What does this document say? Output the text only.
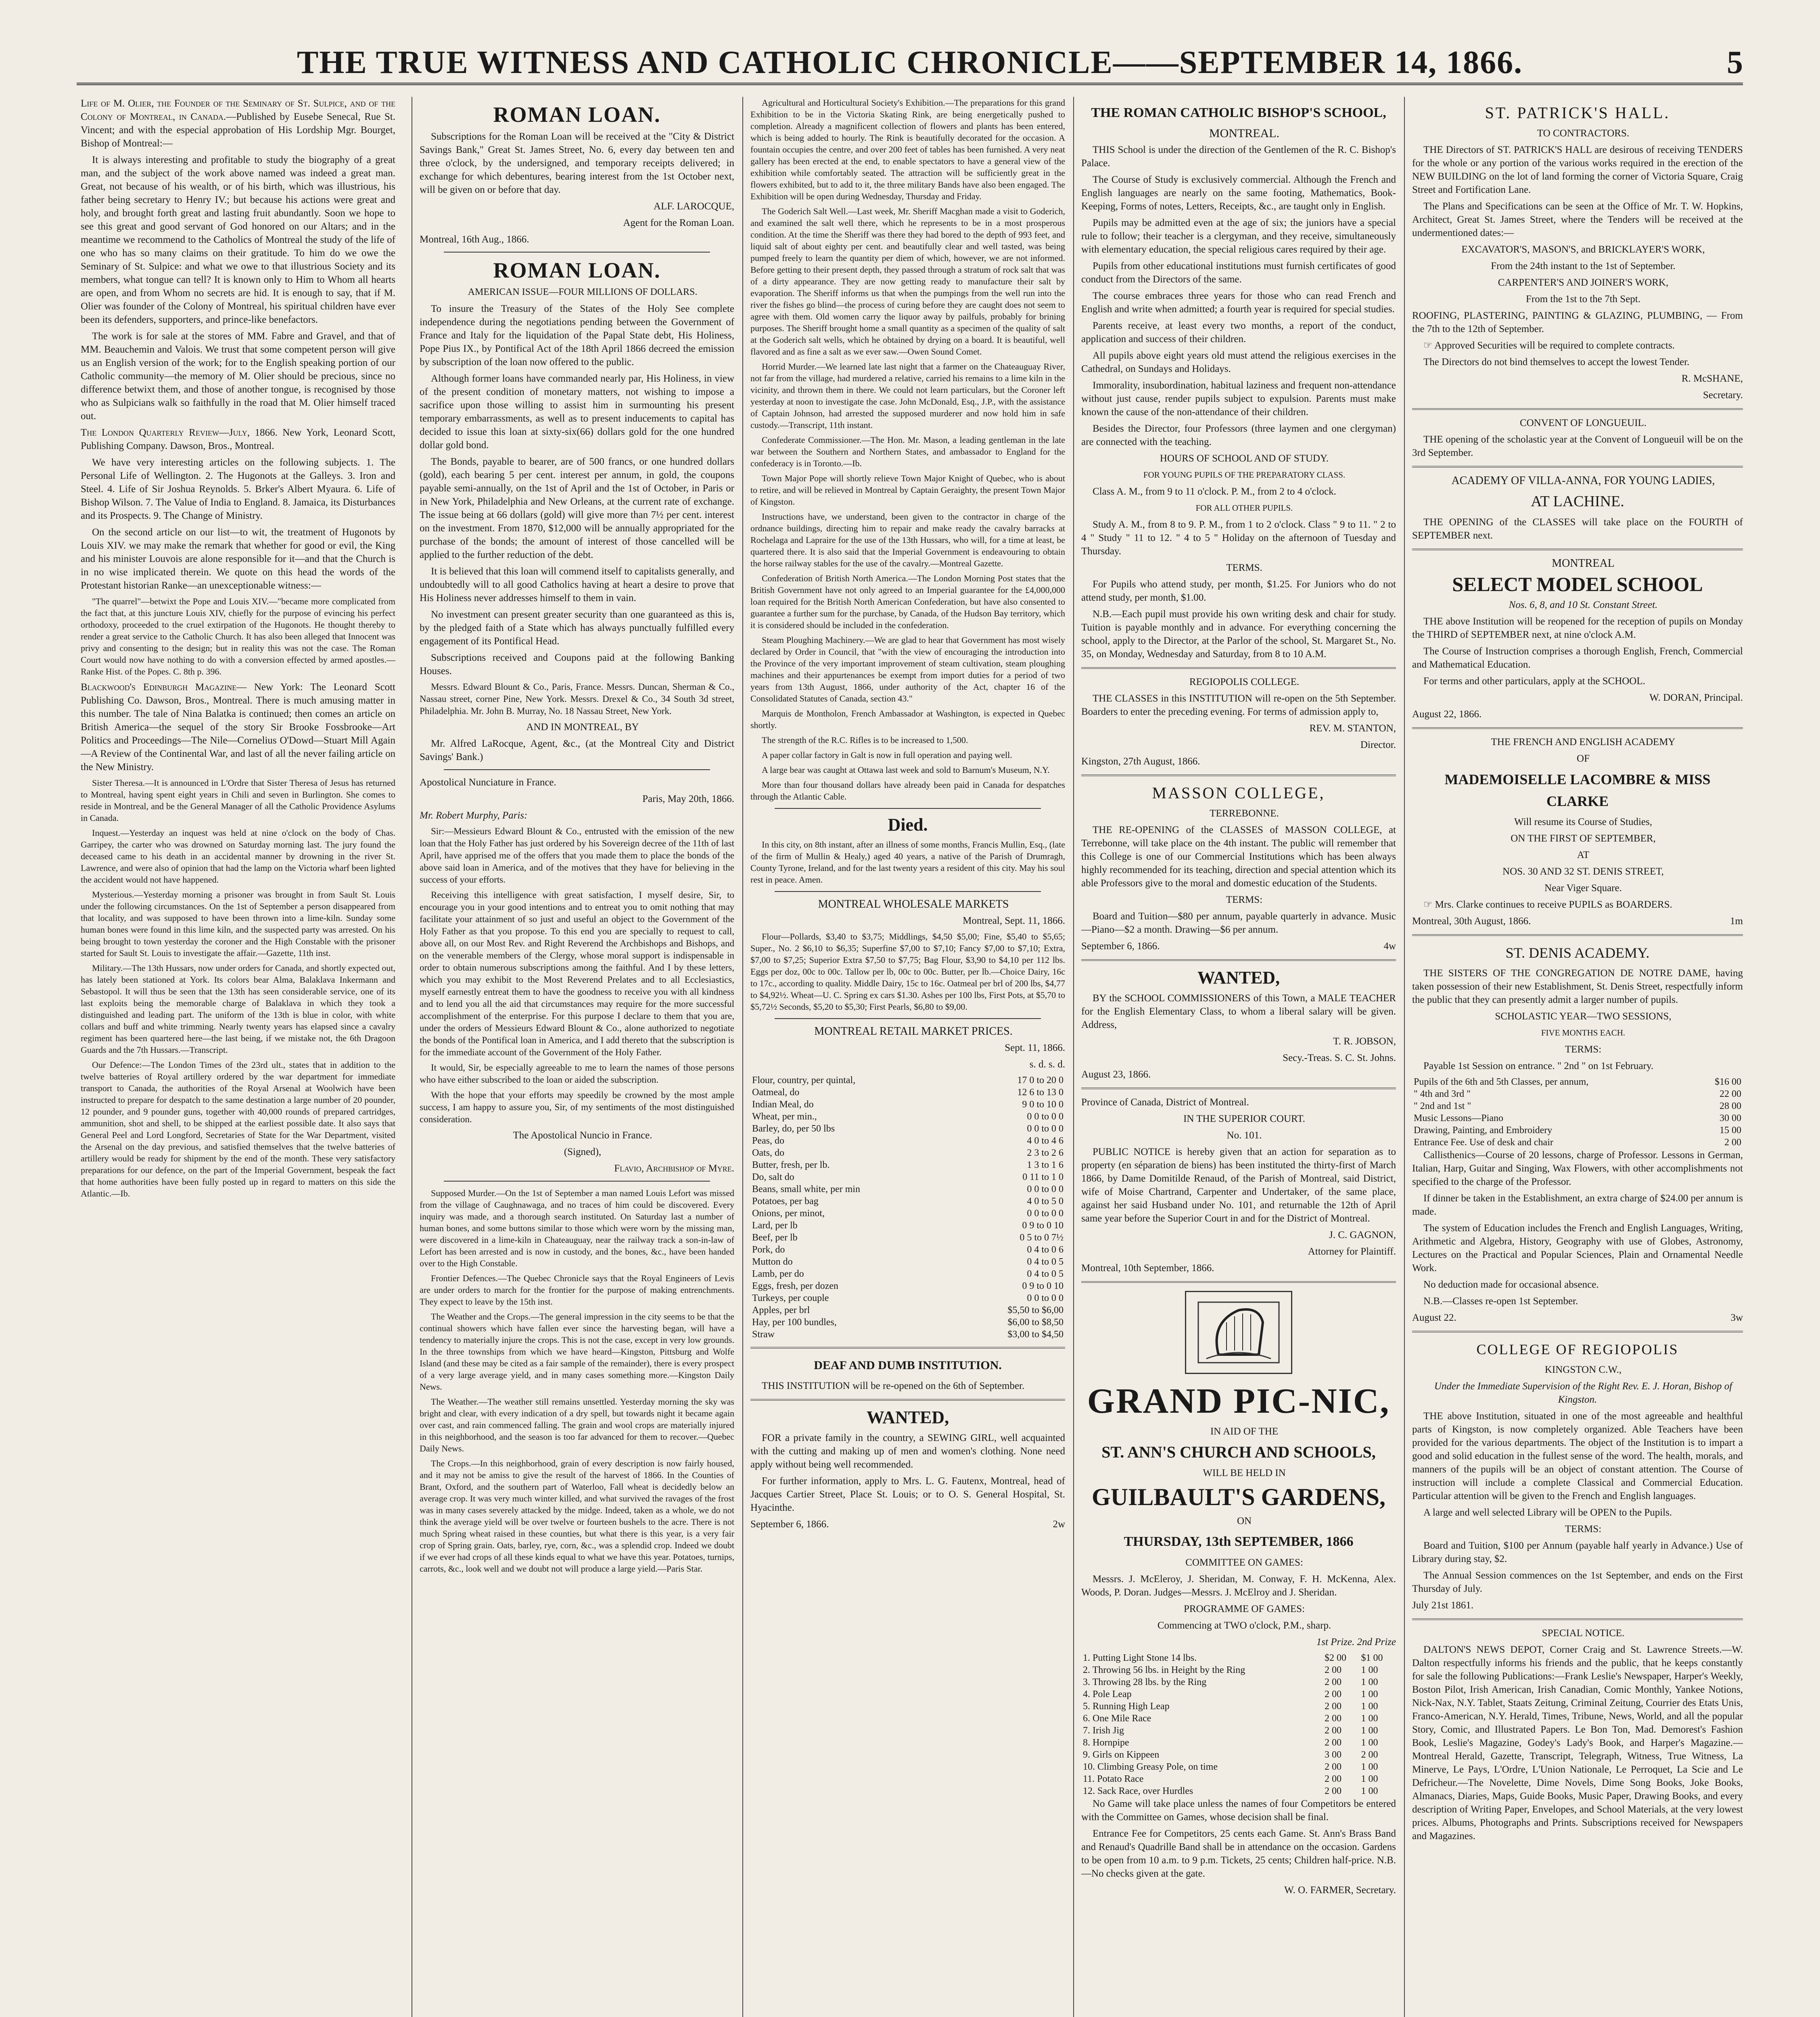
THE TRUE WITNESS AND CATHOLIC CHRONICLE——SEPTEMBER 14, 1866.	5

Life of M. Olier, the Founder of the Seminary of St. Sulpice, and of the Colony of Montreal, in Canada.—Published by Eusebe Senecal, Rue St. Vincent; and with the especial approbation of His Lordship Mgr. Bourget, Bishop of Montreal:—

It is always interesting and profitable to study the biography of a great man, and the subject of the work above named was indeed a great man. Great, not because of his wealth, or of his birth, which was illustrious, his father being secretary to Henry IV.; but because his actions were great and holy, and brought forth great and lasting fruit abundantly. Soon we hope to see this great and good servant of God honored on our Altars; and in the meantime we recommend to the Catholics of Montreal the study of the life of one who has so many claims on their gratitude. To him do we owe the Seminary of St. Sulpice: and what we owe to that illustrious Society and its members, what tongue can tell? It is known only to Him to Whom all hearts are open, and from Whom no secrets are hid. It is enough to say, that if M. Olier was founder of the Colony of Montreal, his spiritual children have ever been its defenders, supporters, and prince-like benefactors.

The work is for sale at the stores of MM. Fabre and Gravel, and that of MM. Beauchemin and Valois. We trust that some competent person will give us an English version of the work; for to the English speaking portion of our Catholic community—the memory of M. Olier should be precious, since no difference betwixt them, and those of another tongue, is recognised by those who as Sulpicians walk so faithfully in the road that M. Olier himself traced out.

The London Quarterly Review—July, 1866. New York, Leonard Scott, Publishing Company. Dawson, Bros., Montreal.

We have very interesting articles on the following subjects. 1. The Personal Life of Wellington. 2. The Hugonots at the Galleys. 3. Iron and Steel. 4. Life of Sir Joshua Reynolds. 5. Brker's Albert Myaura. 6. Life of Bishop Wilson. 7. The Value of India to England. 8. Jamaica, its Disturbances and its Prospects. 9. The Change of Ministry.

On the second article on our list—to wit, the treatment of Hugonots by Louis XIV. we may make the remark that whether for good or evil, the King and his minister Louvois are alone responsible for it—and that the Church is in no wise implicated therein. We quote on this head the words of the Protestant historian Ranke—an unexceptionable witness:—

"The quarrel"—betwixt the Pope and Louis XIV.—"became more complicated from the fact that, at this juncture Louis XIV, chiefly for the purpose of evincing his perfect orthodoxy, proceeded to the cruel extirpation of the Hugonots. He thought thereby to render a great service to the Catholic Church. It has also been alleged that Innocent was privy and consenting to the design; but in reality this was not the case. The Roman Court would now have nothing to do with a conversion effected by armed apostles.—Ranke Hist. of the Popes. C. 8th p. 396.

Blackwood's Edinburgh Magazine— New York: The Leonard Scott Publishing Co. Dawson, Bros., Montreal. There is much amusing matter in this number. The tale of Nina Balatka is continued; then comes an article on British America—the sequel of the story Sir Brooke Fossbrooke—Art Politics and Proceedings—The Nile—Cornelius O'Dowd—Stuart Mill Again—A Review of the Continental War, and last of all the never failing article on the New Ministry.

Sister Theresa.—It is announced in L'Ordre that Sister Theresa of Jesus has returned to Montreal, having spent eight years in Chili and seven in Burlington. She comes to reside in Montreal, and be the General Manager of all the Catholic Providence Asylums in Canada.

Inquest.—Yesterday an inquest was held at nine o'clock on the body of Chas. Garripey, the carter who was drowned on Saturday morning last. The jury found the deceased came to his death in an accidental manner by drowning in the river St. Lawrence, and were also of opinion that had the lamp on the Victoria wharf been lighted the accident would not have happened.

Mysterious.—Yesterday morning a prisoner was brought in from Sault St. Louis under the following circumstances. On the 1st of September a person disappeared from that locality, and was supposed to have been thrown into a lime-kiln. Sunday some human bones were found in this lime kiln, and the suspected party was arrested. On his being brought to town yesterday the coroner and the High Constable with the prisoner started for Sault St. Louis to investigate the affair.—Gazette, 11th inst.

Military.—The 13th Hussars, now under orders for Canada, and shortly expected out, has lately been stationed at York. Its colors bear Alma, Balaklava Inkermann and Sebastopol. It will thus be seen that the 13th has seen considerable service, one of its last exploits being the memorable charge of Balaklava in which they took a distinguished and leading part. The uniform of the 13th is blue in color, with white collars and buff and white trimming. Nearly twenty years has elapsed since a cavalry regiment has been quartered here—the last being, if we mistake not, the 6th Dragoon Guards and the 7th Hussars.—Transcript.

Our Defence:—The London Times of the 23rd ult., states that in addition to the twelve batteries of Royal artillery ordered by the war department for immediate transport to Canada, the authorities of the Royal Arsenal at Woolwich have been instructed to prepare for despatch to the same destination a large number of 20 pounder, 12 pounder, and 9 pounder guns, together with 40,000 rounds of prepared cartridges, ammunition, shot and shell, to be shipped at the earliest possible date. It also says that General Peel and Lord Longford, Secretaries of State for the War Department, visited the Arsenal on the day previous, and satisfied themselves that the twelve batteries of artillery would be ready for shipment by the end of the month. These very satisfactory preparations for our defence, on the part of the Imperial Government, bespeak the fact that home authorities have been fully posted up in regard to matters on this side the Atlantic.—Ib.

ROMAN LOAN.

Subscriptions for the Roman Loan will be received at the "City & District Savings Bank," Great St. James Street, No. 6, every day between ten and three o'clock, by the undersigned, and temporary receipts delivered; in exchange for which debentures, bearing interest from the 1st October next, will be given on or before that day.

ALF. LAROCQUE,

Agent for the Roman Loan.

Montreal, 16th Aug., 1866.

ROMAN LOAN.

AMERICAN ISSUE—FOUR MILLIONS OF DOLLARS.

To insure the Treasury of the States of the Holy See complete independence during the negotiations pending between the Government of France and Italy for the liquidation of the Papal State debt, His Holiness, Pope Pius IX., by Pontifical Act of the 18th April 1866 decreed the emission by subscription of the loan now offered to the public.

Although former loans have commanded nearly par, His Holiness, in view of the present condition of monetary matters, not wishing to impose a sacrifice upon those willing to assist him in surmounting his present temporary embarrassments, as well as to present inducements to capital has decided to issue this loan at sixty-six(66) dollars gold for the one hundred dollar gold bond.

The Bonds, payable to bearer, are of 500 francs, or one hundred dollars (gold), each bearing 5 per cent. interest per annum, in gold, the coupons payable semi-annually, on the 1st of April and the 1st of October, in Paris or in New York, Philadelphia and New Orleans, at the current rate of exchange. The issue being at 66 dollars (gold) will give more than 7½ per cent. interest on the investment. From 1870, $12,000 will be annually appropriated for the purchase of the bonds; the amount of interest of those cancelled will be applied to the further reduction of the debt.

It is believed that this loan will commend itself to capitalists generally, and undoubtedly will to all good Catholics having at heart a desire to prove that His Holiness never addresses himself to them in vain.

No investment can present greater security than one guaranteed as this is, by the pledged faith of a State which has always punctually fulfilled every engagement of its Pontifical Head.

Subscriptions received and Coupons paid at the following Banking Houses.

Messrs. Edward Blount & Co., Paris, France. Messrs. Duncan, Sherman & Co., Nassau street, corner Pine, New York. Messrs. Drexel & Co., 34 South 3d street, Philadelphia. Mr. John B. Murray, No. 18 Nassau Street, New York.

AND IN MONTREAL, BY

Mr. Alfred LaRocque, Agent, &c., (at the Montreal City and District Savings' Bank.)

Apostolical Nunciature in France.

Paris, May 20th, 1866.

Mr. Robert Murphy, Paris:

Sir:—Messieurs Edward Blount & Co., entrusted with the emission of the new loan that the Holy Father has just ordered by his Sovereign decree of the 11th of last April, have apprised me of the offers that you made them to place the bonds of the above said loan in America, and of the motives that they have for believing in the success of your efforts.

Receiving this intelligence with great satisfaction, I myself desire, Sir, to encourage you in your good intentions and to entreat you to omit nothing that may facilitate your attainment of so just and useful an object to the Government of the Holy Father as that you propose. To this end you are specially to request to call, above all, on our Most Rev. and Right Reverend the Archbishops and Bishops, and on the venerable members of the Clergy, whose moral support is indispensable in order to obtain numerous subscriptions among the faithful. And I by these letters, which you may exhibit to the Most Reverend Prelates and to all Ecclesiastics, myself earnestly entreat them to have the goodness to receive you with all kindness and to lend you all the aid that circumstances may require for the more successful accomplishment of the enterprise. For this purpose I declare to them that you are, under the orders of Messieurs Edward Blount & Co., alone authorized to negotiate the bonds of the Pontifical loan in America, and I add thereto that the subscription is for the immediate account of the Government of the Holy Father.

It would, Sir, be especially agreeable to me to learn the names of those persons who have either subscribed to the loan or aided the subscription.

With the hope that your efforts may speedily be crowned by the most ample success, I am happy to assure you, Sir, of my sentiments of the most distinguished consideration.

The Apostolical Nuncio in France.

(Signed),

Flavio, Archbishop of Myre.

Supposed Murder.—On the 1st of September a man named Louis Lefort was missed from the village of Caughnawaga, and no traces of him could be discovered. Every inquiry was made, and a thorough search instituted. On Saturday last a number of human bones, and some buttons similar to those which were worn by the missing man, were discovered in a lime-kiln in Chateauguay, near the railway track a son-in-law of Lefort has been arrested and is now in custody, and the bones, &c., have been handed over to the High Constable.

Frontier Defences.—The Quebec Chronicle says that the Royal Engineers of Levis are under orders to march for the frontier for the purpose of making entrenchments. They expect to leave by the 15th inst.

The Weather and the Crops.—The general impression in the city seems to be that the continual showers which have fallen ever since the harvesting began, will have a tendency to materially injure the crops. This is not the case, except in very low grounds. In the three townships from which we have heard—Kingston, Pittsburg and Wolfe Island (and these may be cited as a fair sample of the remainder), there is every prospect of a very large average yield, and in many cases something more.—Kingston Daily News.

The Weather.—The weather still remains unsettled. Yesterday morning the sky was bright and clear, with every indication of a dry spell, but towards night it became again over cast, and rain commenced falling. The grain and wool crops are materially injured in this neighborhood, and the season is too far advanced for them to recover.—Quebec Daily News.

The Crops.—In this neighborhood, grain of every description is now fairly housed, and it may not be amiss to give the result of the harvest of 1866. In the Counties of Brant, Oxford, and the southern part of Waterloo, Fall wheat is decidedly below an average crop. It was very much winter killed, and what survived the ravages of the frost was in many cases severely attacked by the midge. Indeed, taken as a whole, we do not think the average yield will be over twelve or fourteen bushels to the acre. There is not much Spring wheat raised in these counties, but what there is this year, is a very fair crop of Spring grain. Oats, barley, rye, corn, &c., was a splendid crop. Indeed we doubt if we ever had crops of all these kinds equal to what we have this year. Potatoes, turnips, carrots, &c., look well and we doubt not will produce a large yield.—Paris Star.

Agricultural and Horticultural Society's Exhibition.—The preparations for this grand Exhibition to be in the Victoria Skating Rink, are being energetically pushed to completion. Already a magnificent collection of flowers and plants has been entered, which is being added to hourly. The Rink is beautifully decorated for the occasion. A fountain occupies the centre, and over 200 feet of tables has been furnished. A very neat gallery has been erected at the end, to enable spectators to have a general view of the exhibition while comfortably seated. The attraction will be sufficiently great in the flowers exhibited, but to add to it, the three military Bands have also been engaged. The Exhibition will be open during Wednesday, Thursday and Friday.

The Goderich Salt Well.—Last week, Mr. Sheriff Macghan made a visit to Goderich, and examined the salt well there, which he represents to be in a most prosperous condition. At the time the Sheriff was there they had bored to the depth of 993 feet, and liquid salt of about eighty per cent. and beautifully clear and well tasted, was being pumped freely to learn the quantity per diem of which, however, we are not informed. Before getting to their present depth, they passed through a stratum of rock salt that was of a dirty appearance. They are now getting ready to manufacture their salt by evaporation. The Sheriff informs us that when the pumpings from the well run into the river the fishes go blind—the process of curing before they are caught does not seem to agree with them. Old women carry the liquor away by pailfuls, probably for brining purposes. The Sheriff brought home a small quantity as a specimen of the quality of salt at the Goderich salt wells, which he obtained by drying on a board. It is beautiful, well flavored and as fine a salt as we ever saw.—Owen Sound Comet.

Horrid Murder.—We learned late last night that a farmer on the Chateauguay River, not far from the village, had murdered a relative, carried his remains to a lime kiln in the vicinity, and thrown them in there. We could not learn particulars, but the Coroner left yesterday at noon to investigate the case. John McDonald, Esq., J.P., with the assistance of Captain Johnson, had arrested the supposed murderer and now hold him in safe custody.—Transcript, 11th instant.

Confederate Commissioner.—The Hon. Mr. Mason, a leading gentleman in the late war between the Southern and Northern States, and ambassador to England for the confederacy is in Toronto.—Ib.

Town Major Pope will shortly relieve Town Major Knight of Quebec, who is about to retire, and will be relieved in Montreal by Captain Geraighty, the present Town Major of Kingston.

Instructions have, we understand, been given to the contractor in charge of the ordnance buildings, directing him to repair and make ready the cavalry barracks at Rochelaga and Lapraire for the use of the 13th Hussars, who will, for a time at least, be quartered there. It is also said that the Imperial Government is endeavouring to obtain the horse railway stables for the use of the cavalry.—Montreal Gazette.

Confederation of British North America.—The London Morning Post states that the British Government have not only agreed to an Imperial guarantee for the £4,000,000 loan required for the British North American Confederation, but have also consented to guarantee a further sum for the purchase, by Canada, of the Hudson Bay territory, which it is considered should be included in the confederation.

Steam Ploughing Machinery.—We are glad to hear that Government has most wisely declared by Order in Council, that "with the view of encouraging the introduction into the Province of the very important improvement of steam cultivation, steam ploughing machines and their appurtenances be exempt from import duties for a period of two years from 13th August, 1866, under authority of the Act, chapter 16 of the Consolidated Statutes of Canada, section 43."

Marquis de Montholon, French Ambassador at Washington, is expected in Quebec shortly.

The strength of the R.C. Rifles is to be increased to 1,500.

A paper collar factory in Galt is now in full operation and paying well.

A large bear was caught at Ottawa last week and sold to Barnum's Museum, N.Y.

More than four thousand dollars have already been paid in Canada for despatches through the Atlantic Cable.

Died.

In this city, on 8th instant, after an illness of some months, Francis Mullin, Esq., (late of the firm of Mullin & Healy,) aged 40 years, a native of the Parish of Drumragh, County Tyrone, Ireland, and for the last twenty years a resident of this city. May his soul rest in peace. Amen.

MONTREAL WHOLESALE MARKETS

Montreal, Sept. 11, 1866.

Flour—Pollards, $3,40 to $3,75; Middlings, $4,50 $5,00; Fine, $5,40 to $5,65; Super., No. 2 $6,10 to $6,35; Superfine $7,00 to $7,10; Fancy $7,00 to $7,10; Extra, $7,00 to $7,25; Superior Extra $7,50 to $7,75; Bag Flour, $3,90 to $4,10 per 112 lbs. Eggs per doz, 00c to 00c. Tallow per lb, 00c to 00c. Butter, per lb.—Choice Dairy, 16c to 17c., according to quality. Middle Dairy, 15c to 16c. Oatmeal per brl of 200 lbs, $4,77 to $4,92½. Wheat—U. C. Spring ex cars $1.30. Ashes per 100 lbs, First Pots, at $5,70 to $5,72½ Seconds, $5,20 to $5,30; First Pearls, $6,80 to $9,00.

MONTREAL RETAIL MARKET PRICES.

Sept. 11, 1866.

s. d. s. d.

Flour, country, per quintal,	17 0 to 20 0
Oatmeal, do	12 6 to 13 0
Indian Meal, do	9 0 to 10 0
Wheat, per min.,	0 0 to 0 0
Barley, do, per 50 lbs	0 0 to 0 0
Peas, do	4 0 to 4 6
Oats, do	2 3 to 2 6
Butter, fresh, per lb.	1 3 to 1 6
Do, salt do	0 11 to 1 0
Beans, small white, per min	0 0 to 0 0
Potatoes, per bag	4 0 to 5 0
Onions, per minot,	0 0 to 0 0
Lard, per lb	0 9 to 0 10
Beef, per lb	0 5 to 0 7½
Pork, do	0 4 to 0 6
Mutton do	0 4 to 0 5
Lamb, per do	0 4 to 0 5
Eggs, fresh, per dozen	0 9 to 0 10
Turkeys, per couple	0 0 to 0 0
Apples, per brl	$5,50 to $6,00
Hay, per 100 bundles,	$6,00 to $8,50
Straw	$3,00 to $4,50
DEAF AND DUMB INSTITUTION.

THIS INSTITUTION will be re-opened on the 6th of September.

WANTED,

FOR a private family in the country, a SEWING GIRL, well acquainted with the cutting and making up of men and women's clothing. None need apply without being well recommended.

For further information, apply to Mrs. L. G. Fautenx, Montreal, head of Jacques Cartier Street, Place St. Louis; or to O. S. General Hospital, St. Hyacinthe.

September 6, 1866.	2w

THE ROMAN CATHOLIC BISHOP'S SCHOOL,

MONTREAL.

THIS School is under the direction of the Gentlemen of the R. C. Bishop's Palace.

The Course of Study is exclusively commercial. Although the French and English languages are nearly on the same footing, Mathematics, Book-Keeping, Forms of notes, Letters, Receipts, &c., are taught only in English.

Pupils may be admitted even at the age of six; the juniors have a special rule to follow; their teacher is a clergyman, and they receive, simultaneously with elementary education, the special religious cares required by their age.

Pupils from other educational institutions must furnish certificates of good conduct from the Directors of the same.

The course embraces three years for those who can read French and English and write when admitted; a fourth year is required for special studies.

Parents receive, at least every two months, a report of the conduct, application and success of their children.

All pupils above eight years old must attend the religious exercises in the Cathedral, on Sundays and Holidays.

Immorality, insubordination, habitual laziness and frequent non-attendance without just cause, render pupils subject to expulsion. Parents must make known the cause of the non-attendance of their children.

Besides the Director, four Professors (three laymen and one clergyman) are connected with the teaching.

HOURS OF SCHOOL AND OF STUDY.

FOR YOUNG PUPILS OF THE PREPARATORY CLASS.

Class A. M., from 9 to 11 o'clock. P. M., from 2 to 4 o'clock.

FOR ALL OTHER PUPILS.

Study A. M., from 8 to 9. P. M., from 1 to 2 o'clock. Class " 9 to 11. " 2 to 4 " Study " 11 to 12. " 4 to 5 " Holiday on the afternoon of Tuesday and Thursday.

TERMS.

For Pupils who attend study, per month, $1.25. For Juniors who do not attend study, per month, $1.00.

N.B.—Each pupil must provide his own writing desk and chair for study. Tuition is payable monthly and in advance. For everything concerning the school, apply to the Director, at the Parlor of the school, St. Margaret St., No. 35, on Monday, Wednesday and Saturday, from 8 to 10 A.M.

REGIOPOLIS COLLEGE.

THE CLASSES in this INSTITUTION will re-open on the 5th September. Boarders to enter the preceding evening. For terms of admission apply to,

REV. M. STANTON,

Director.

Kingston, 27th August, 1866.

MASSON COLLEGE,

TERREBONNE.

THE RE-OPENING of the CLASSES of MASSON COLLEGE, at Terrebonne, will take place on the 4th instant. The public will remember that this College is one of our Commercial Institutions which has been always highly recommended for its teaching, direction and special attention which its able Professors give to the moral and domestic education of the Students.

TERMS:

Board and Tuition—$80 per annum, payable quarterly in advance. Music—Piano—$2 a month. Drawing—$6 per annum.

September 6, 1866.	4w

WANTED,

BY the SCHOOL COMMISSIONERS of this Town, a MALE TEACHER for the English Elementary Class, to whom a liberal salary will be given. Address,

T. R. JOBSON,

Secy.-Treas. S. C. St. Johns.

August 23, 1866.

Province of Canada, District of Montreal.

IN THE SUPERIOR COURT.

No. 101.

PUBLIC NOTICE is hereby given that an action for separation as to property (en séparation de biens) has been instituted the thirty-first of March 1866, by Dame Domitilde Renaud, of the Parish of Montreal, said District, wife of Moise Chartrand, Carpenter and Undertaker, of the same place, against her said Husband under No. 101, and returnable the 12th of April same year before the Superior Court in and for the District of Montreal.

J. C. GAGNON,

Attorney for Plaintiff.

Montreal, 10th September, 1866.

GRAND PIC-NIC,

IN AID OF THE

ST. ANN'S CHURCH AND SCHOOLS,

WILL BE HELD IN

GUILBAULT'S GARDENS,

ON

THURSDAY, 13th SEPTEMBER, 1866

COMMITTEE ON GAMES:

Messrs. J. McEleroy, J. Sheridan, M. Conway, F. H. McKenna, Alex. Woods, P. Doran. Judges—Messrs. J. McElroy and J. Sheridan.

PROGRAMME OF GAMES:

Commencing at TWO o'clock, P.M., sharp.

1st Prize. 2nd Prize

1. Putting Light Stone 14 lbs.	$2 00	$1 00
2. Throwing 56 lbs. in Height by the Ring	2 00	1 00
3. Throwing 28 lbs. by the Ring	2 00	1 00
4. Pole Leap	2 00	1 00
5. Running High Leap	2 00	1 00
6. One Mile Race	2 00	1 00
7. Irish Jig	2 00	1 00
8. Hornpipe	2 00	1 00
9. Girls on Kippeen	3 00	2 00
10. Climbing Greasy Pole, on time	2 00	1 00
11. Potato Race	2 00	1 00
12. Sack Race, over Hurdles	2 00	1 00

No Game will take place unless the names of four Competitors be entered with the Committee on Games, whose decision shall be final.

Entrance Fee for Competitors, 25 cents each Game. St. Ann's Brass Band and Renaud's Quadrille Band shall be in attendance on the occasion. Gardens to be open from 10 a.m. to 9 p.m. Tickets, 25 cents; Children half-price. N.B.—No checks given at the gate.

W. O. FARMER, Secretary.

ST. PATRICK'S HALL.

TO CONTRACTORS.

THE Directors of ST. PATRICK'S HALL are desirous of receiving TENDERS for the whole or any portion of the various works required in the erection of the NEW BUILDING on the lot of land forming the corner of Victoria Square, Craig Street and Fortification Lane.

The Plans and Specifications can be seen at the Office of Mr. T. W. Hopkins, Architect, Great St. James Street, where the Tenders will be received at the undermentioned dates:—

EXCAVATOR'S, MASON'S, and BRICKLAYER'S WORK,

From the 24th instant to the 1st of September.

CARPENTER'S AND JOINER'S WORK,

From the 1st to the 7th Sept.

ROOFING, PLASTERING, PAINTING & GLAZING, PLUMBING, — From the 7th to the 12th of September.

☞ Approved Securities will be required to complete contracts.

The Directors do not bind themselves to accept the lowest Tender.

R. McSHANE,

Secretary.

CONVENT OF LONGUEUIL.

THE opening of the scholastic year at the Convent of Longueuil will be on the 3rd September.

ACADEMY OF VILLA-ANNA, FOR YOUNG LADIES,

AT LACHINE.

THE OPENING of the CLASSES will take place on the FOURTH of SEPTEMBER next.

MONTREAL

SELECT MODEL SCHOOL

Nos. 6, 8, and 10 St. Constant Street.

THE above Institution will be reopened for the reception of pupils on Monday the THIRD of SEPTEMBER next, at nine o'clock A.M.

The Course of Instruction comprises a thorough English, French, Commercial and Mathematical Education.

For terms and other particulars, apply at the SCHOOL.

W. DORAN, Principal.

August 22, 1866.

THE FRENCH AND ENGLISH ACADEMY

OF

MADEMOISELLE LACOMBRE & MISS CLARKE

Will resume its Course of Studies,

ON THE FIRST OF SEPTEMBER,

AT

NOS. 30 AND 32 ST. DENIS STREET,

Near Viger Square.

☞ Mrs. Clarke continues to receive PUPILS as BOARDERS.

Montreal, 30th August, 1866.	1m

ST. DENIS ACADEMY.

THE SISTERS OF THE CONGREGATION DE NOTRE DAME, having taken possession of their new Establishment, St. Denis Street, respectfully inform the public that they can presently admit a larger number of pupils.

SCHOLASTIC YEAR—TWO SESSIONS,

FIVE MONTHS EACH.

TERMS:

Payable 1st Session on entrance. " 2nd " on 1st February.

Pupils of the 6th and 5th Classes, per annum,	$16 00
" 4th and 3rd "	22 00
" 2nd and 1st "	28 00
Music Lessons—Piano	30 00
Drawing, Painting, and Embroidery	15 00
Entrance Fee. Use of desk and chair	2 00

Callisthenics—Course of 20 lessons, charge of Professor. Lessons in German, Italian, Harp, Guitar and Singing, Wax Flowers, with other accomplishments not specified to the charge of the Professor.

If dinner be taken in the Establishment, an extra charge of $24.00 per annum is made.

The system of Education includes the French and English Languages, Writing, Arithmetic and Algebra, History, Geography with use of Globes, Astronomy, Lectures on the Practical and Popular Sciences, Plain and Ornamental Needle Work.

No deduction made for occasional absence.

N.B.—Classes re-open 1st September.

August 22.	3w

COLLEGE OF REGIOPOLIS

KINGSTON C.W.,

Under the Immediate Supervision of the Right Rev. E. J. Horan, Bishop of Kingston.

THE above Institution, situated in one of the most agreeable and healthful parts of Kingston, is now completely organized. Able Teachers have been provided for the various departments. The object of the Institution is to impart a good and solid education in the fullest sense of the word. The health, morals, and manners of the pupils will be an object of constant attention. The Course of instruction will include a complete Classical and Commercial Education. Particular attention will be given to the French and English languages.

A large and well selected Library will be OPEN to the Pupils.

TERMS:

Board and Tuition, $100 per Annum (payable half yearly in Advance.) Use of Library during stay, $2.

The Annual Session commences on the 1st September, and ends on the First Thursday of July.

July 21st 1861.

SPECIAL NOTICE.

DALTON'S NEWS DEPOT, Corner Craig and St. Lawrence Streets.—W. Dalton respectfully informs his friends and the public, that he keeps constantly for sale the following Publications:—Frank Leslie's Newspaper, Harper's Weekly, Boston Pilot, Irish American, Irish Canadian, Comic Monthly, Yankee Notions, Nick-Nax, N.Y. Tablet, Staats Zeitung, Criminal Zeitung, Courrier des Etats Unis, Franco-American, N.Y. Herald, Times, Tribune, News, World, and all the popular Story, Comic, and Illustrated Papers. Le Bon Ton, Mad. Demorest's Fashion Book, Leslie's Magazine, Godey's Lady's Book, and Harper's Magazine.—Montreal Herald, Gazette, Transcript, Telegraph, Witness, True Witness, La Minerve, Le Pays, L'Ordre, L'Union Nationale, Le Perroquet, La Scie and Le Defricheur.—The Novelette, Dime Novels, Dime Song Books, Joke Books, Almanacs, Diaries, Maps, Guide Books, Music Paper, Drawing Books, and every description of Writing Paper, Envelopes, and School Materials, at the very lowest prices. Albums, Photographs and Prints. Subscriptions received for Newspapers and Magazines.
